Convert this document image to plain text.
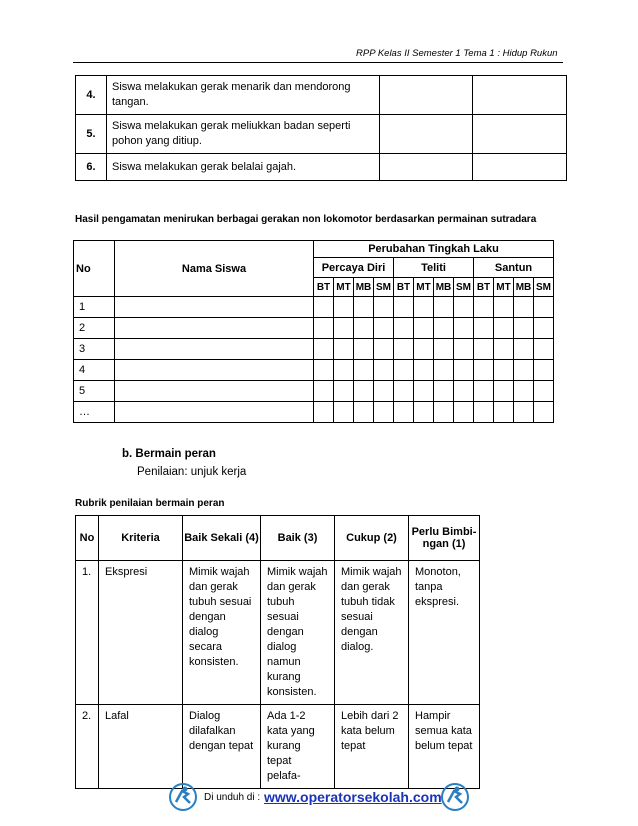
RPP Kelas II Semester 1 Tema 1 : Hidup Rukun
4.	Siswa melakukan gerak menarik dan mendorong tangan.		
5.	Siswa melakukan gerak meliukkan badan seperti pohon yang ditiup.		
6.	Siswa melakukan gerak belalai gajah.		
Hasil pengamatan menirukan berbagai gerakan non lokomotor berdasarkan permainan sutradara
No	Nama Siswa	Perubahan Tingkah Laku											
		Percaya Diri				Teliti				Santun			
		BT	MT	MB	SM	BT	MT	MB	SM	BT	MT	MB	SM
1													
2													
3													
4													
5													
…													
b. Bermain peran
Penilaian: unjuk kerja
Rubrik penilaian bermain peran
No	Kriteria	Baik Sekali (4)	Baik (3)	Cukup (2)	Perlu Bimbi- ngan (1)
1.	Ekspresi	Mimik wajah dan gerak tubuh sesuai dengan dialog secara konsisten.	Mimik wajah dan gerak tubuh sesuai dengan dialog namun kurang konsisten.	Mimik wajah dan gerak tubuh tidak sesuai dengan dialog.	Monoton, tanpa ekspresi.
2.	Lafal	Dialog dilafalkan dengan tepat	Ada 1-2 kata yang kurang tepat pelafa-	Lebih dari 2 kata belum tepat	Hampir semua kata belum tepat
Di unduh di : www.operatorsekolah.com
